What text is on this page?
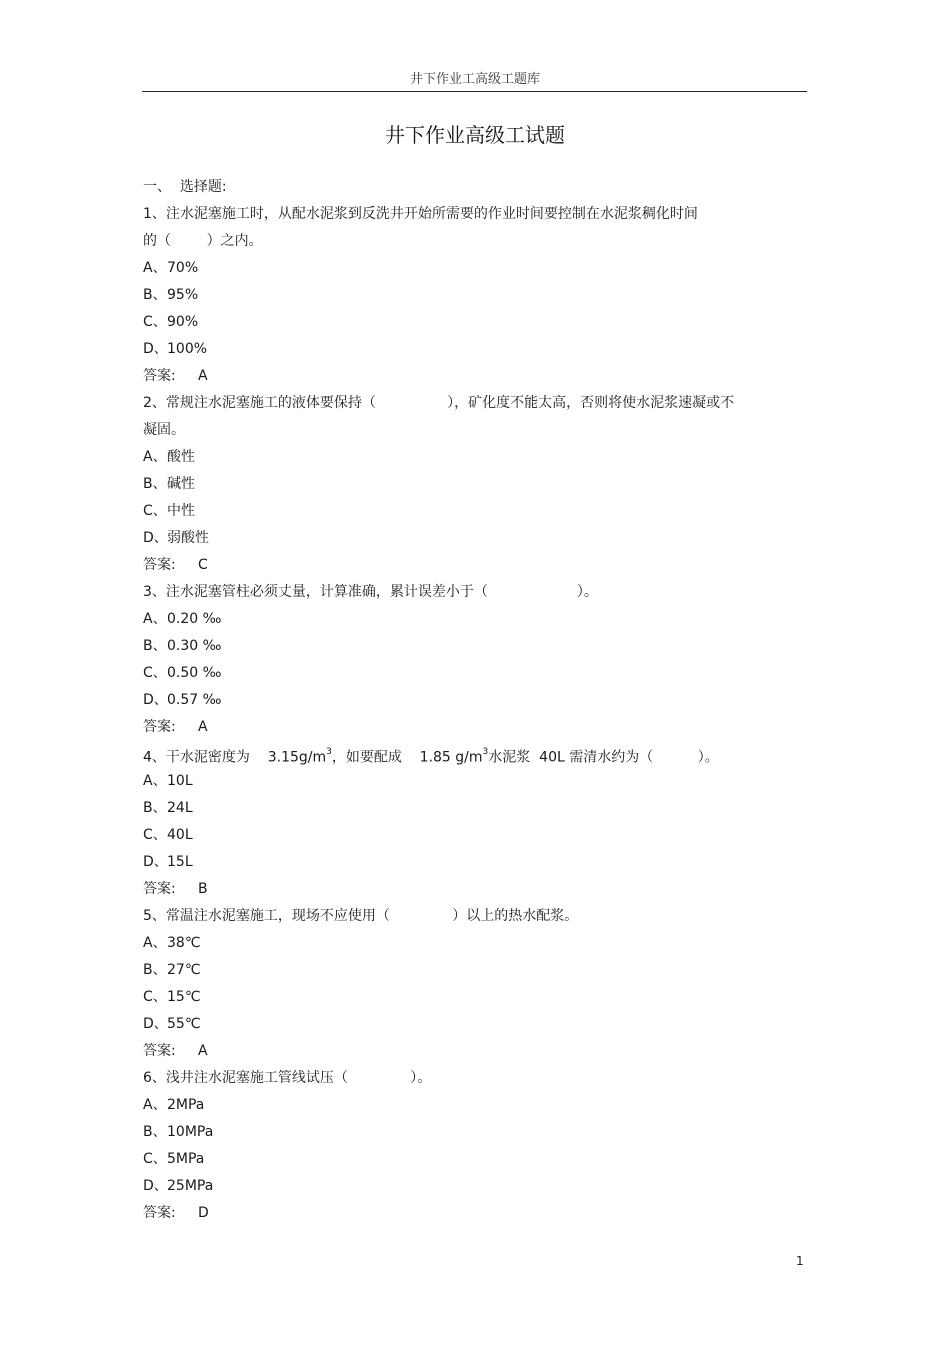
井下作业工高级工题库
井下作业高级工试题
一、  选择题:
1、注水泥塞施工时，从配水泥浆到反洗井开始所需要的作业时间要控制在水泥浆稠化时间
的（        ）之内。
A、70%
B、95%
C、90%
D、100%
答案: A
2、常规注水泥塞施工的液体要保持（                ），矿化度不能太高，否则将使水泥浆速凝或不
凝固。
A、酸性
B、碱性
C、中性
D、弱酸性
答案: C
3、注水泥塞管柱必须丈量，计算准确，累计误差小于（                    ）。
A、0.20 ‰
B、0.30 ‰
C、0.50 ‰
D、0.57 ‰
答案: A
4、干水泥密度为    $3.15g/m^3$，如要配成    1.85 $g/m^3$水泥浆  40L 需清水约为（          ）。
A、10L
B、24L
C、40L
D、15L
答案: B
5、常温注水泥塞施工，现场不应使用（              ）以上的热水配浆。
A、38℃
B、27℃
C、15℃
D、55℃
答案: A
6、浅井注水泥塞施工管线试压（              ）。
A、2MPa
B、10MPa
C、5MPa
D、25MPa
答案: D
1
